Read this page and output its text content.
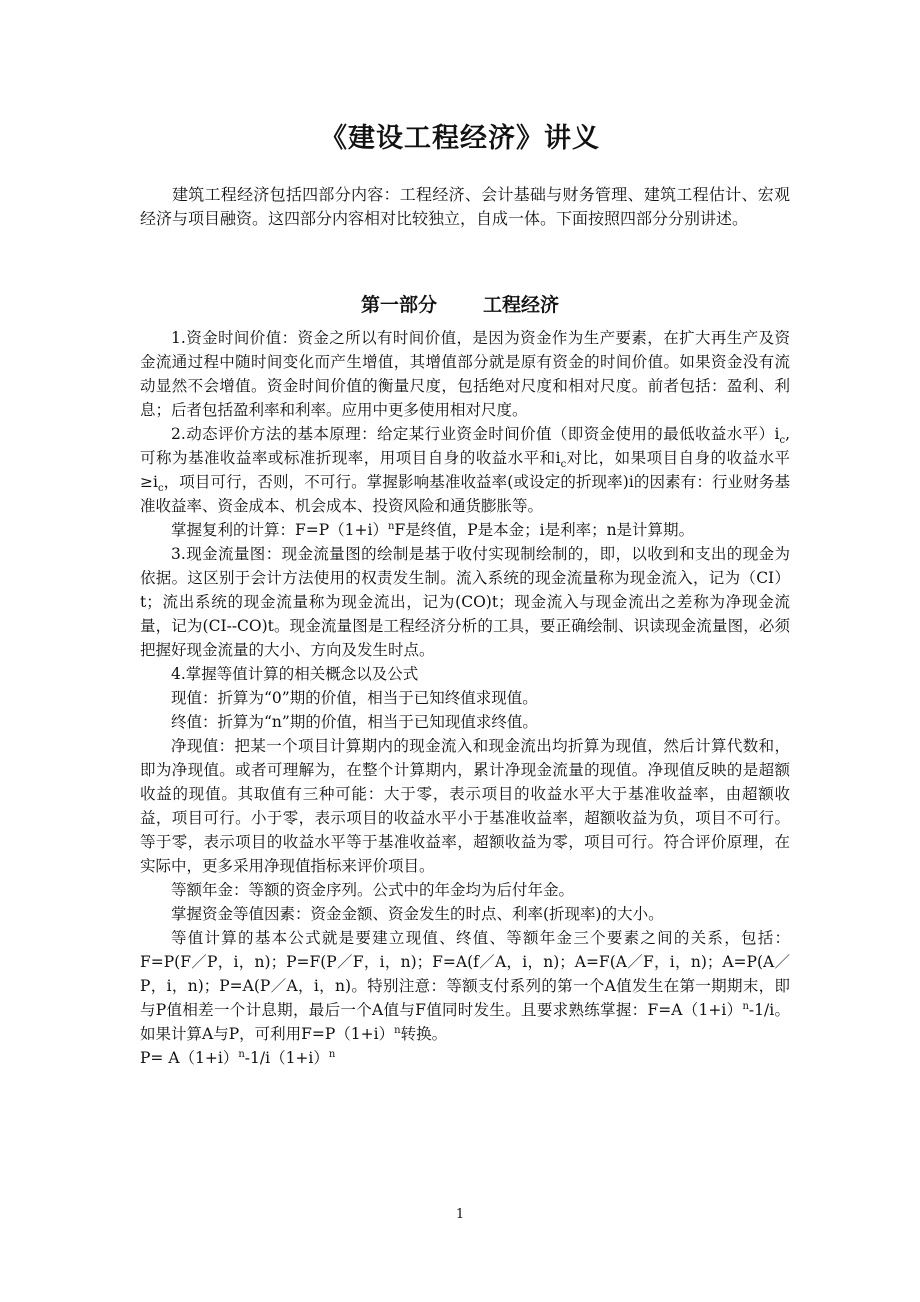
《建设工程经济》讲义

建筑工程经济包括四部分内容：工程经济、会计基础与财务管理、建筑工程估计、宏观经济与项目融资。这四部分内容相对比较独立，自成一体。下面按照四部分分别讲述。

第一部分 工程经济

1.资金时间价值：资金之所以有时间价值，是因为资金作为生产要素，在扩大再生产及资金流通过程中随时间变化而产生增值，其增值部分就是原有资金的时间价值。如果资金没有流动显然不会增值。资金时间价值的衡量尺度，包括绝对尺度和相对尺度。前者包括：盈利、利息；后者包括盈利率和利率。应用中更多使用相对尺度。

2.动态评价方法的基本原理：给定某行业资金时间价值（即资金使用的最低收益水平）$i_c$,可称为基准收益率或标准折现率，用项目自身的收益水平和$i_c$对比，如果项目自身的收益水平$\ge i_c$，项目可行，否则，不可行。掌握影响基准收益率(或设定的折现率)i的因素有：行业财务基准收益率、资金成本、机会成本、投资风险和通货膨胀等。

掌握复利的计算：$F=P(1+i)^nF$是终值，P是本金；i是利率；n是计算期。

3.现金流量图：现金流量图的绘制是基于收付实现制绘制的，即，以收到和支出的现金为依据。这区别于会计方法使用的权责发生制。流入系统的现金流量称为现金流入，记为（CI）t；流出系统的现金流量称为现金流出，记为(CO)t；现金流入与现金流出之差称为净现金流量，记为(CI--CO)t。现金流量图是工程经济分析的工具，要正确绘制、识读现金流量图，必须把握好现金流量的大小、方向及发生时点。

4.掌握等值计算的相关概念以及公式

现值：折算为“0”期的价值，相当于已知终值求现值。

终值：折算为“n”期的价值，相当于已知现值求终值。

净现值：把某一个项目计算期内的现金流入和现金流出均折算为现值，然后计算代数和，即为净现值。或者可理解为，在整个计算期内，累计净现金流量的现值。净现值反映的是超额收益的现值。其取值有三种可能：大于零，表示项目的收益水平大于基准收益率，由超额收益，项目可行。小于零，表示项目的收益水平小于基准收益率，超额收益为负，项目不可行。等于零，表示项目的收益水平等于基准收益率，超额收益为零，项目可行。符合评价原理，在实际中，更多采用净现值指标来评价项目。

等额年金：等额的资金序列。公式中的年金均为后付年金。

掌握资金等值因素：资金金额、资金发生的时点、利率(折现率)的大小。

等值计算的基本公式就是要建立现值、终值、等额年金三个要素之间的关系，包括：F=P(F／P，i，n)；P=F(P／F，i，n)；F=A(f／A，i，n)；A=F(A／F，i，n)；A=P(A／P，i，n)；P=A(P／A，i，n)。特别注意：等额支付系列的第一个A值发生在第一期期末，即与P值相差一个计息期，最后一个A值与F值同时发生。且要求熟练掌握：$F=A(1+i)^n-1/i$。如果计算A与P，可利用$F=P(1+i)^n$转换。

$P= A(1+i)^n-1/i(1+i)^n$

1
